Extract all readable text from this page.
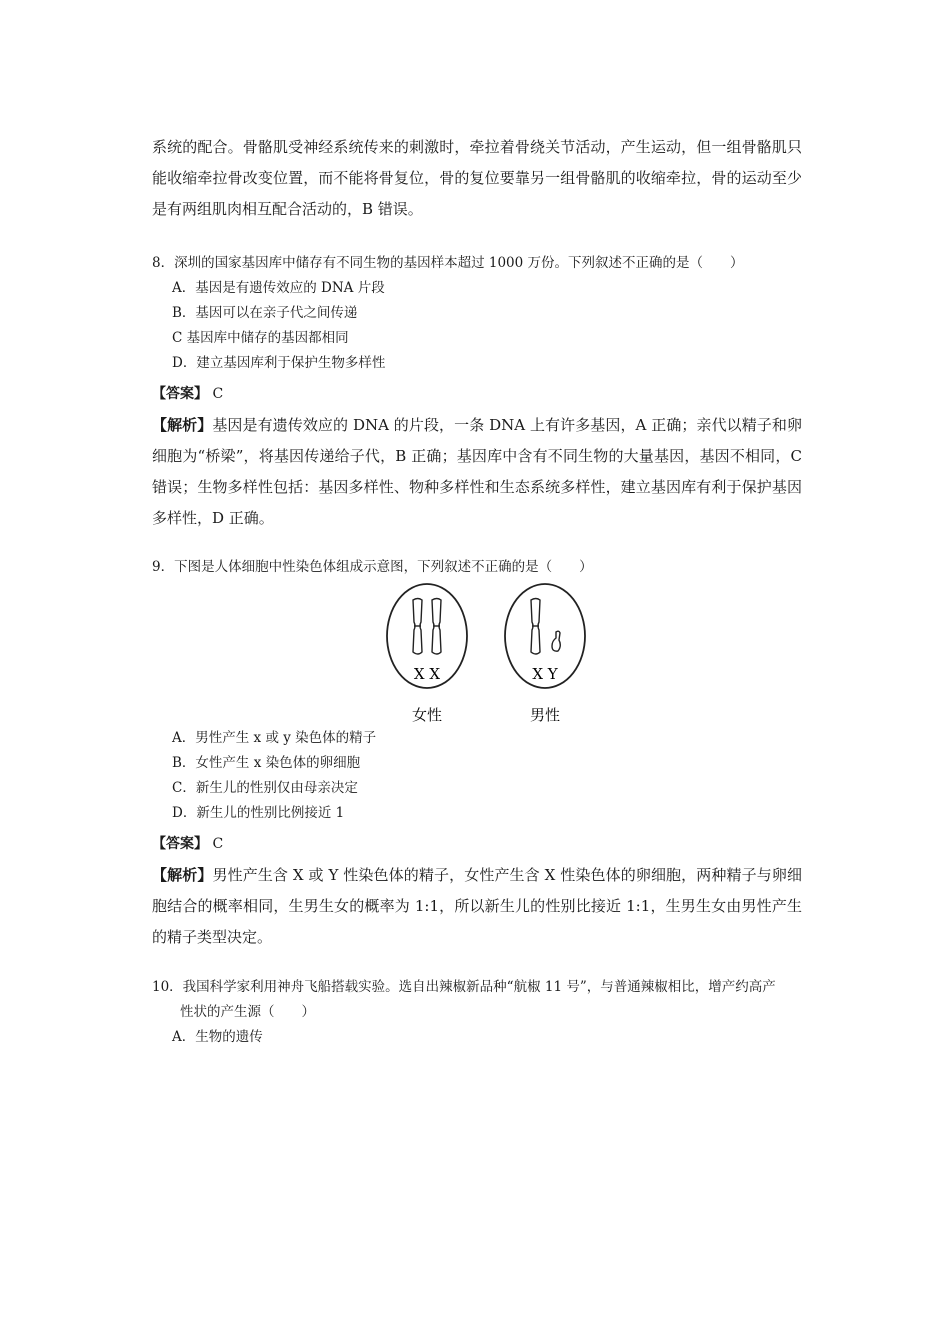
系统的配合。骨骼肌受神经系统传来的刺激时，牵拉着骨绕关节活动，产生运动，但一组骨骼肌只能收缩牵拉骨改变位置，而不能将骨复位，骨的复位要靠另一组骨骼肌的收缩牵拉，骨的运动至少是有两组肌肉相互配合活动的，B 错误。

8．深圳的国家基因库中储存有不同生物的基因样本超过 1000 万份。下列叙述不正确的是（　　）

A．基因是有遗传效应的 DNA 片段

B．基因可以在亲子代之间传递

C 基因库中储存的基因都相同

D．建立基因库利于保护生物多样性

【答案】 C

【解析】基因是有遗传效应的 DNA 的片段，一条 DNA 上有许多基因，A 正确；亲代以精子和卵细胞为“桥梁”，将基因传递给子代，B 正确；基因库中含有不同生物的大量基因，基因不相同，C 错误；生物多样性包括：基因多样性、物种多样性和生态系统多样性，建立基因库有利于保护基因多样性，D 正确。

9．下图是人体细胞中性染色体组成示意图，下列叙述不正确的是（　　）

X X	X Y
女性	男性

A．男性产生 x 或 y 染色体的精子

B．女性产生 x 染色体的卵细胞

C．新生儿的性别仅由母亲决定

D．新生儿的性别比例接近 1

【答案】 C

【解析】男性产生含 X 或 Y 性染色体的精子，女性产生含 X 性染色体的卵细胞，两种精子与卵细胞结合的概率相同，生男生女的概率为 1:1，所以新生儿的性别比接近 1:1，生男生女由男性产生的精子类型决定。

10．我国科学家利用神舟飞船搭载实验。选自出辣椒新品种“航椒 11 号”，与普通辣椒相比，增产约高产

性状的产生源（　　）

A．生物的遗传
